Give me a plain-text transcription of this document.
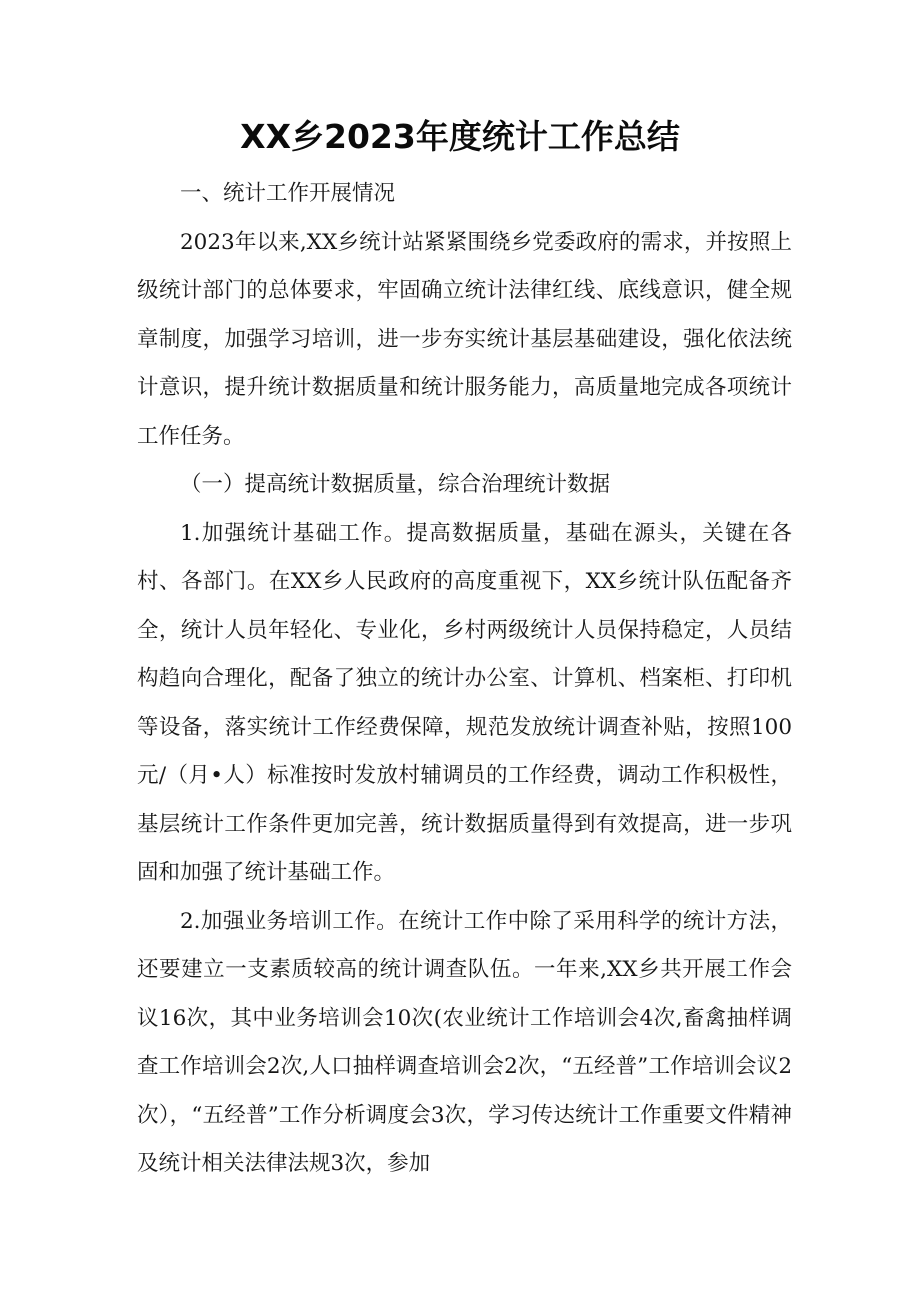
XX乡2023年度统计工作总结

一、统计工作开展情况

2023年以来,XX乡统计站紧紧围绕乡党委政府的需求，并按照上级统计部门的总体要求，牢固确立统计法律红线、底线意识，健全规章制度，加强学习培训，进一步夯实统计基层基础建设，强化依法统计意识，提升统计数据质量和统计服务能力，高质量地完成各项统计工作任务。

（一）提高统计数据质量，综合治理统计数据

1.加强统计基础工作。提高数据质量，基础在源头，关键在各村、各部门。在XX乡人民政府的高度重视下，XX乡统计队伍配备齐全，统计人员年轻化、专业化，乡村两级统计人员保持稳定，人员结构趋向合理化，配备了独立的统计办公室、计算机、档案柜、打印机等设备，落实统计工作经费保障，规范发放统计调查补贴，按照100元/（月•人）标准按时发放村辅调员的工作经费，调动工作积极性，基层统计工作条件更加完善，统计数据质量得到有效提高，进一步巩固和加强了统计基础工作。

2.加强业务培训工作。在统计工作中除了采用科学的统计方法，还要建立一支素质较高的统计调查队伍。一年来,XX乡共开展工作会议16次，其中业务培训会10次(农业统计工作培训会4次,畜禽抽样调查工作培训会2次,人口抽样调查培训会2次，“五经普”工作培训会议2次），“五经普”工作分析调度会3次，学习传达统计工作重要文件精神及统计相关法律法规3次，参加
